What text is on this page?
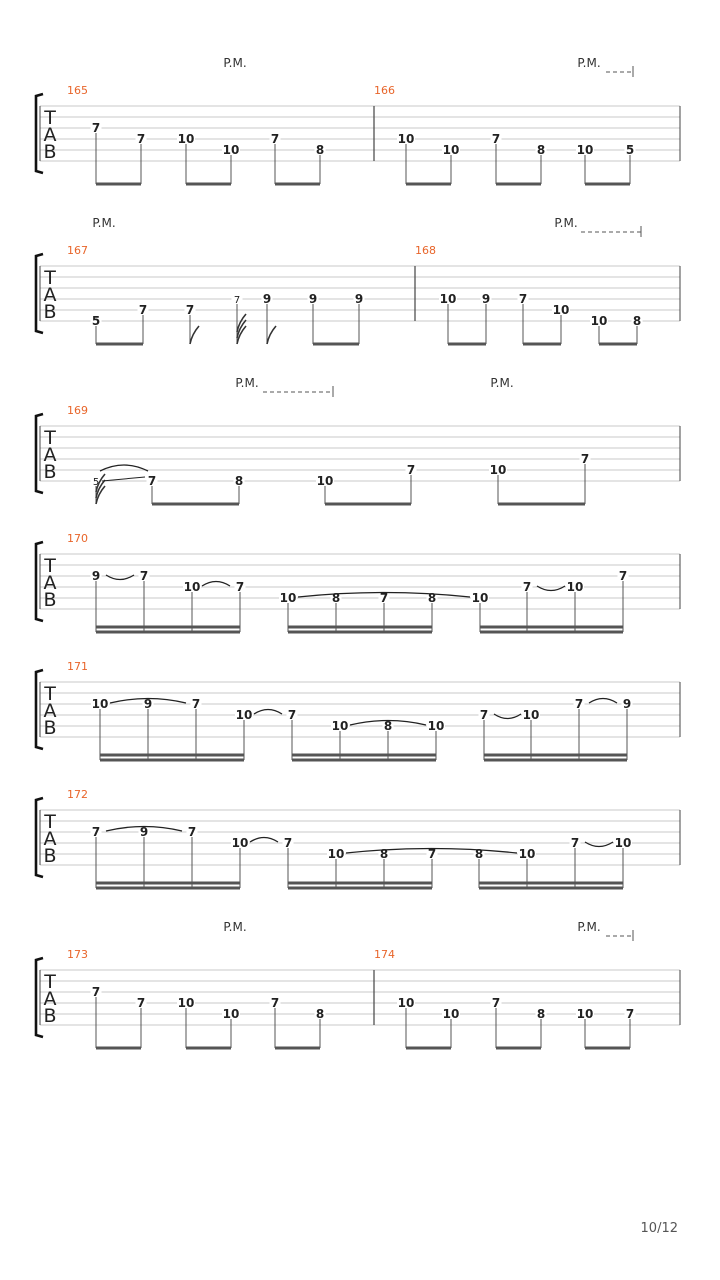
T
A
B
165	166
P.M.	P.M.
7
7	10
10
7
8
10
10
7
8	10	5
T
A
B
167	168
P.M.	P.M.
5
7	7
7 9	9	9	10 9 7
10
10 8
T
A
B
169
P.M.	P.M.
5	7	8	10
7	10
7
T
A
B
170
9	7
10	7
10	8	7	8	10
7	10
7
T
A
B
171
10	9	7
10	7
10	8	10
7	10
7	9
T
A
B
172
7	9	7
10	7
10	8	7	8	10
7	10
T
A
B
173	174
P.M.	P.M.
7
7	10
10
7
8
10
10
7
8	10	7
10/12
